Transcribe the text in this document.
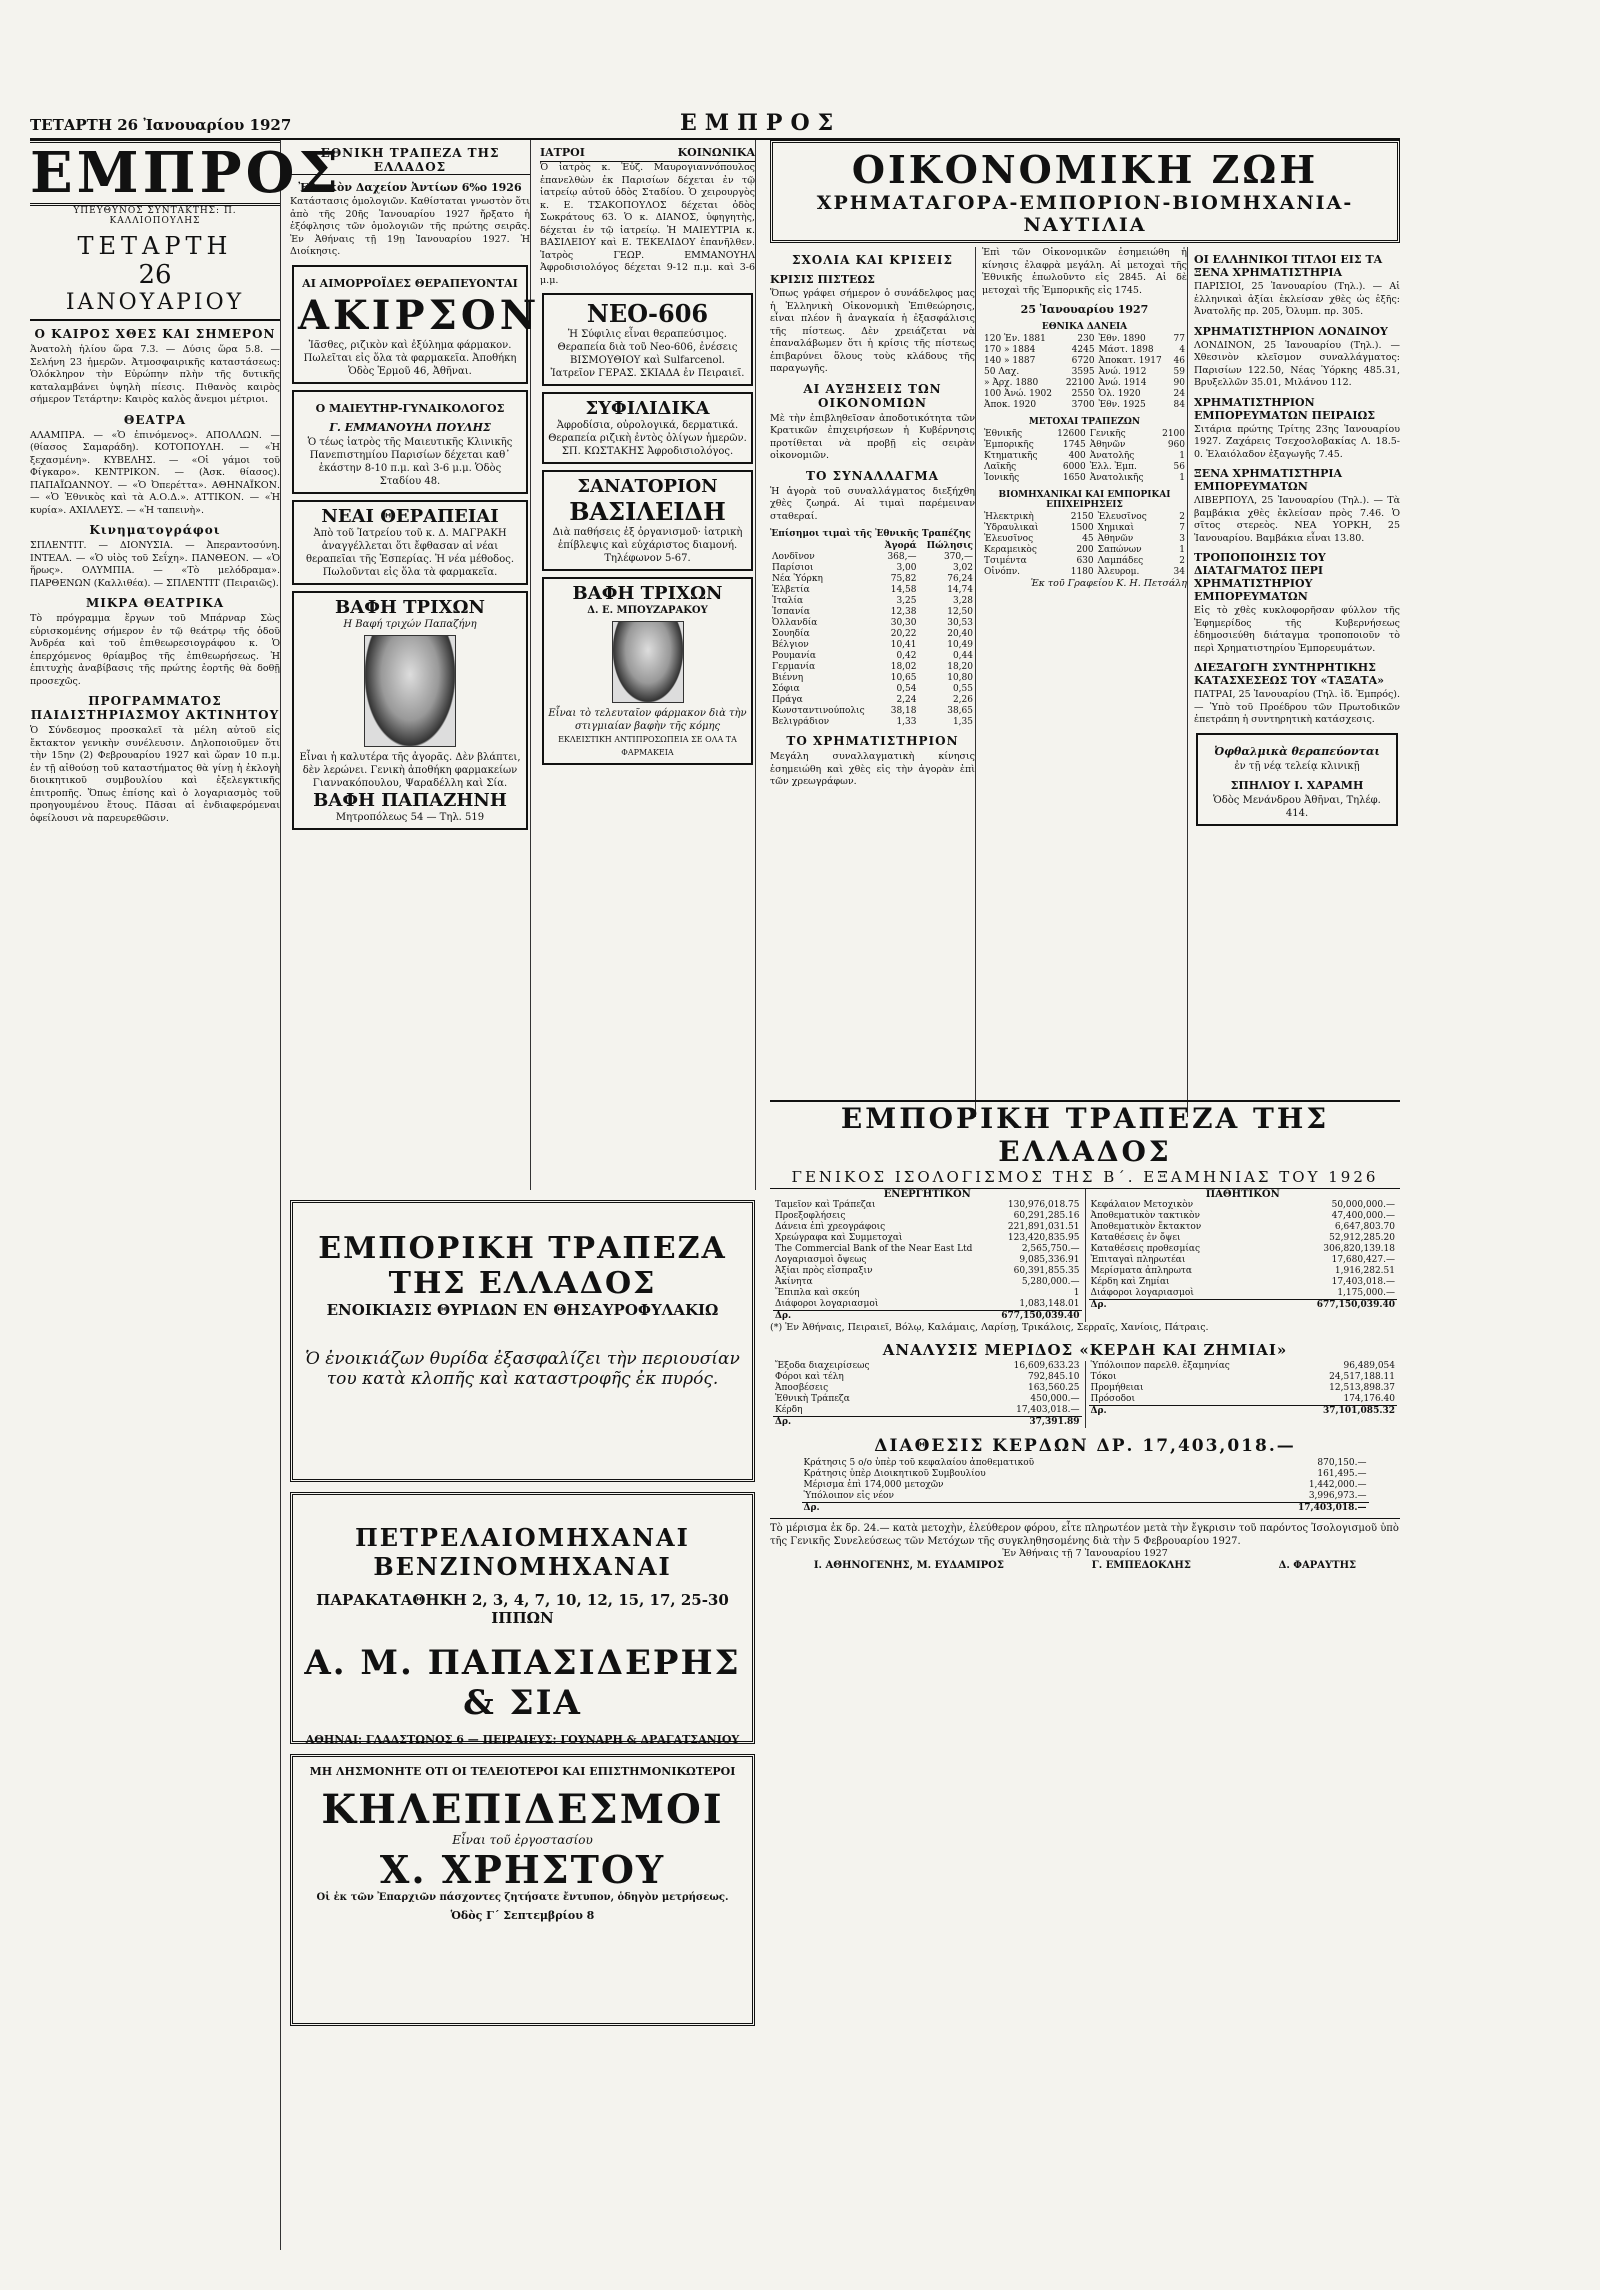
ΤΕΤΑΡΤΗ 26 Ἰανουαρίου 1927	ΕΜΠΡΟΣ
ΕΜΠΡΟΣ
ΥΠΕΥΘΥΝΟΣ ΣΥΝΤΑΚΤΗΣ: Π. ΚΑΛΛΙΟΠΟΥΛΗΣ
ΤΕΤΑΡΤΗ
26
ΙΑΝΟΥΑΡΙΟΥ
Ο ΚΑΙΡΟΣ ΧΘΕΣ ΚΑΙ ΣΗΜΕΡΟΝ
Ἀνατολὴ ἡλίου ὥρα 7.3. — Δύσις ὥρα 5.8. — Σελήνη 23 ἡμερῶν. Ἀτμοσφαιρικῆς καταστάσεως: Ὁλόκληρον τὴν Εὐρώπην πλὴν τῆς δυτικῆς καταλαμβάνει ὑψηλὴ πίεσις. Πιθανὸς καιρὸς σήμερον Τετάρτην: Καιρὸς καλὸς ἄνεμοι μέτριοι.
ΘΕΑΤΡΑ
ΑΛΑΜΠΡΑ. — «Ὁ ἐπινόμενος». ΑΠΟΛΛΩΝ. — (θίασος Σαμαράδη). ΚΟΤΟΠΟΥΛΗ. — «Ἡ ξεχασμένη». ΚΥΒΕΛΗΣ. — «Οἱ γάμοι τοῦ Φίγκαρο». ΚΕΝΤΡΙΚΟΝ. — (Ἀσκ. θίασος). ΠΑΠΑΪΩΑΝΝΟΥ. — «Ὁ Ὀπερέττα». ΑΘΗΝΑΪΚΟΝ. — «Ὁ Ἐθνικὸς καὶ τὰ Α.Ο.Δ.». ΑΤΤΙΚΟΝ. — «Ἡ κυρία». ΑΧΙΛΛΕΥΣ. — «Ἡ ταπεινὴ».
Κινηματογράφοι
ΣΠΛΕΝΤΙΤ. — ΔΙΟΝΥΣΙΑ. — Ἀπεραντοσύνη. ΙΝΤΕΑΛ. — «Ὁ υἱὸς τοῦ Σεΐχη». ΠΑΝΘΕΟΝ. — «Ὁ ἥρως». ΟΛΥΜΠΙΑ. — «Τὸ μελόδραμα». ΠΑΡΘΕΝΩΝ (Καλλιθέα). — ΣΠΛΕΝΤΙΤ (Πειραιῶς).
ΜΙΚΡΑ ΘΕΑΤΡΙΚΑ
Τὸ πρόγραμμα ἔργων τοῦ Μπάρναρ Σὼς εὐρισκομένης σήμερον ἐν τῷ θεάτρῳ τῆς ὁδοῦ Ἀνδρέα καὶ τοῦ ἐπιθεωρεσιογράφου κ. Ὁ ἐπερχόμενος θρίαμβος τῆς ἐπιθεωρήσεως. Ἡ ἐπιτυχὴς ἀναβίβασις τῆς πρώτης ἑορτῆς θὰ δοθῇ προσεχῶς.
ΠΡΟΓΡΑΜΜΑΤΟΣ ΠΑΙΔΙΣΤΗΡΙΑΣΜΟΥ ΑΚΤΙΝΗΤΟΥ
Ὁ Σύνδεσμος προσκαλεῖ τὰ μέλη αὐτοῦ εἰς ἔκτακτον γενικὴν συνέλευσιν. Δηλοποιοῦμεν ὅτι τὴν 15ην (2) Φεβρουαρίου 1927 καὶ ὥραν 10 π.μ. ἐν τῇ αἰθούσῃ τοῦ καταστήματος θὰ γίνῃ ἡ ἐκλογὴ διοικητικοῦ συμβουλίου καὶ ἐξελεγκτικῆς ἐπιτροπῆς. Ὅπως ἐπίσης καὶ ὁ λογαριασμὸς τοῦ προηγουμένου ἔτους. Πᾶσαι αἱ ἐνδιαφερόμεναι ὀφείλουσι νὰ παρευρεθῶσιν.
ΕΘΝΙΚΗ ΤΡΑΠΕΖΑ ΤΗΣ ΕΛΛΑΔΟΣ
Ἐθνικὸν Δαχείον Ἀντίων 6%ο 1926
Κατάστασις ὁμολογιῶν. Καθίσταται γνωστὸν ὅτι ἀπὸ τῆς 20ῆς Ἰανουαρίου 1927 ἤρξατο ἡ ἐξόφλησις τῶν ὁμολογιῶν τῆς πρώτης σειρᾶς. Ἐν Ἀθήναις τῇ 19ῃ Ἰανουαρίου 1927. Ἡ Διοίκησις.
ΑΙ ΑΙΜΟΡΡΟΪΔΕΣ ΘΕΡΑΠΕΥΟΝΤΑΙ
ΑΚΙΡΣΟΝ
Ἰᾶσθες, ριζικὸν καὶ ἐξύλημα φάρμακον. Πωλεῖται εἰς ὅλα τὰ φαρμακεῖα. Ἀποθήκη Ὁδὸς Ἑρμοῦ 46, Ἀθῆναι.
Ο ΜΑΙΕΥΤΗΡ-ΓΥΝΑΙΚΟΛΟΓΟΣ
Γ. ΕΜΜΑΝΟΥΗΛ ΠΟΥΛΗΣ
Ὁ τέως ἰατρὸς τῆς Μαιευτικῆς Κλινικῆς Πανεπιστημίου Παρισίων δέχεται καθ᾽ ἑκάστην 8-10 π.μ. καὶ 3-6 μ.μ. Ὁδὸς Σταδίου 48.
ΝΕΑΙ ΘΕΡΑΠΕΙΑΙ
Ἀπὸ τοῦ Ἰατρείου τοῦ κ. Δ. ΜΑΓΡΑΚΗ ἀναγγέλλεται ὅτι ἔφθασαν αἱ νέαι θεραπεῖαι τῆς Ἑσπερίας. Ἡ νέα μέθοδος. Πωλοῦνται εἰς ὅλα τὰ φαρμακεῖα.
ΒΑΦΗ ΤΡΙΧΩΝ
Η Βαφή τριχών Παπαζήνη
Εἶναι ἡ καλυτέρα τῆς ἀγορᾶς. Δὲν βλάπτει, δὲν λερώνει. Γενικὴ ἀποθήκη φαρμακείων Γιαννακόπουλου, Ψαραδέλλη καὶ Σία.
ΒΑΦΗ ΠΑΠΑΖΗΝΗ
Μητροπόλεως 54 — Τηλ. 519
ΙΑΤΡΟΙ	ΚΟΙΝΩΝΙΚΑ
Ὁ ἰατρὸς κ. Ἐὐζ. Μαυρογιαννόπουλος ἐπανελθὼν ἐκ Παρισίων δέχεται ἐν τῷ ἰατρείῳ αὐτοῦ ὁδὸς Σταδίου. Ὁ χειρουργὸς κ. Ε. ΤΣΑΚΟΠΟΥΛΟΣ δέχεται ὁδὸς Σωκράτους 63. Ὁ κ. ΔΙΑΝΟΣ, ὑφηγητὴς, δέχεται ἐν τῷ ἰατρείῳ. Ἡ ΜΑΙΕΥΤΡΙΑ κ. ΒΑΣΙΛΕΙΟΥ καὶ Ε. ΤΕΚΕΛΙΔΟΥ ἐπανῆλθεν. Ἰατρὸς ΓΕΩΡ. ΕΜΜΑΝΟΥΗΛ Ἀφροδισιολόγος δέχεται 9-12 π.μ. καὶ 3-6 μ.μ.
ΝΕΟ-606
Ἡ Σύφιλις εἶναι θεραπεύσιμος. Θεραπεία διὰ τοῦ Neo-606, ἐνέσεις ΒΙΣΜΟΥΘΙΟΥ καὶ Sulfarcenol. Ἰατρεῖον ΓΕΡΑΣ. ΣΚΙΑΔΑ ἐν Πειραιεῖ.
ΣΥΦΙΛΙΔΙΚΑ
Ἀφροδίσια, οὐρολογικά, δερματικά. Θεραπεία ριζικὴ ἐντὸς ὀλίγων ἡμερῶν. ΣΠ. ΚΩΣΤΑΚΗΣ Ἀφροδισιολόγος.
ΣΑΝΑΤΟΡΙΟΝ
ΒΑΣΙΛΕΙΔΗ
Διὰ παθήσεις ἐξ ὀργανισμοῦ· ἰατρικὴ ἐπίβλεψις καὶ εὐχάριστος διαμονή. Τηλέφωνον 5-67.
ΒΑΦΗ ΤΡΙΧΩΝ
Δ. Ε. ΜΠΟΥΖΑΡΑΚΟΥ
Εἶναι τὸ τελευταῖον φάρμακον διὰ τὴν στιγμιαίαν βαφὴν τῆς κόμης
ΕΚΛΕΙΣΤΙΚΗ ΑΝΤΙΠΡΟΣΩΠΕΙΑ ΣΕ ΟΛΑ ΤΑ ΦΑΡΜΑΚΕΙΑ
ΕΜΠΟΡΙΚΗ ΤΡΑΠΕΖΑ ΤΗΣ ΕΛΛΑΔΟΣ
ΕΝΟΙΚΙΑΣΙΣ ΘΥΡΙΔΩΝ ΕΝ ΘΗΣΑΥΡΟΦΥΛΑΚΙΩ
Ὁ ἐνοικιάζων θυρίδα ἐξασφαλίζει τὴν περιουσίαν του κατὰ κλοπῆς καὶ καταστροφῆς ἐκ πυρός.
ΠΕΤΡΕΛΑΙΟΜΗΧΑΝΑΙ ΒΕΝΖΙΝΟΜΗΧΑΝΑΙ
ΠΑΡΑΚΑΤΑΘΗΚΗ 2, 3, 4, 7, 10, 12, 15, 17, 25-30 ΙΠΠΩΝ
Α. Μ. ΠΑΠΑΣΙΔΕΡΗΣ & ΣΙΑ
ΑΘΗΝΑΙ: ΓΛΑΔΣΤΩΝΟΣ 6 — ΠΕΙΡΑΙΕΥΣ: ΓΟΥΝΑΡΗ & ΔΡΑΓΑΤΣΑΝΙΟΥ
ΜΗ ΛΗΣΜΟΝΗΤΕ ΟΤΙ ΟΙ ΤΕΛΕΙΟΤΕΡΟΙ ΚΑΙ ΕΠΙΣΤΗΜΟΝΙΚΩΤΕΡΟΙ
ΚΗΛΕΠΙΔΕΣΜΟΙ
Εἶναι τοῦ ἐργοστασίου
Χ. ΧΡΗΣΤΟΥ
Οἱ ἐκ τῶν Ἐπαρχιῶν πάσχοντες ζητήσατε ἔντυπον, ὁδηγὸν μετρήσεως.
Ὁδὸς Γ΄ Σεπτεμβρίου 8
ΟΙΚΟΝΟΜΙΚΗ ΖΩΗ
ΧΡΗΜΑΤΑΓΟΡΑ-ΕΜΠΟΡΙΟΝ-ΒΙΟΜΗΧΑΝΙΑ-ΝΑΥΤΙΛΙΑ
ΣΧΟΛΙΑ ΚΑΙ ΚΡΙΣΕΙΣ
ΚΡΙΣΙΣ ΠΙΣΤΕΩΣ
Ὅπως γράφει σήμερον ὁ συνάδελφος μας ἡ Ἑλληνικὴ Οἰκονομικὴ Ἐπιθεώρησις, εἶναι πλέον ἢ ἀναγκαία ἡ ἐξασφάλισις τῆς πίστεως. Δὲν χρειάζεται νὰ ἐπαναλάβωμεν ὅτι ἡ κρίσις τῆς πίστεως ἐπιβαρύνει ὅλους τοὺς κλάδους τῆς παραγωγῆς.
ΑΙ ΑΥΞΗΣΕΙΣ ΤΩΝ ΟΙΚΟΝΟΜΙΩΝ
Μὲ τὴν ἐπιβληθεῖσαν ἀποδοτικότητα τῶν Κρατικῶν ἐπιχειρήσεων ἡ Κυβέρνησις προτίθεται νὰ προβῇ εἰς σειρὰν οἰκονομιῶν.
ΤΟ ΣΥΝΑΛΛΑΓΜΑ
Ἡ ἀγορὰ τοῦ συναλλάγματος διεξήχθη χθὲς ζωηρά. Αἱ τιμαὶ παρέμειναν σταθεραί.
Ἐπίσημοι τιμαὶ τῆς Ἐθνικῆς Τραπέζης
	Ἀγορά	Πώλησις
Λονδῖνον	368,—	370,—
Παρίσιοι	3,00	3,02
Νέα Ὑόρκη	75,82	76,24
Ἑλβετία	14,58	14,74
Ἰταλία	3,25	3,28
Ἰσπανία	12,38	12,50
Ὀλλανδία	30,30	30,53
Σουηδία	20,22	20,40
Βέλγιον	10,41	10,49
Ρουμανία	0,42	0,44
Γερμανία	18,02	18,20
Βιέννη	10,65	10,80
Σόφια	0,54	0,55
Πράγα	2,24	2,26
Κωνσταντινούπολις	38,18	38,65
Βελιγράδιον	1,33	1,35
ΤΟ ΧΡΗΜΑΤΙΣΤΗΡΙΟΝ
Μεγάλη συναλλαγματικὴ κίνησις ἐσημειώθη καὶ χθὲς εἰς τὴν ἀγορὰν ἐπὶ τῶν χρεωγράφων.
Ἐπὶ τῶν Οἰκονομικῶν ἐσημειώθη ἡ κίνησις ἐλαφρὰ μεγάλη. Αἱ μετοχαὶ τῆς Ἐθνικῆς ἐπωλοῦντο εἰς 2845. Αἱ δὲ μετοχαὶ τῆς Ἐμπορικῆς εἰς 1745.
25 Ἰανουαρίου 1927
ΕΘΝΙΚΑ ΔΑΝΕΙΑ
120 Ἐν. 1881	230	Ἐθν. 1890	77
170 » 1884	4245	Μάστ. 1898	4
140 » 1887	6720	Ἀποκατ. 1917	46
50 Λαχ.	3595	Ἀνώ. 1912	59
» Ἀρχ. 1880	22100	Ἀνώ. 1914	90
100 Ἀνώ. 1902	2550	Ὁλ. 1920	24
Ἀποκ. 1920	3700	Ἐθν. 1925	84
ΜΕΤΟΧΑΙ ΤΡΑΠΕΖΩΝ
Ἐθνικῆς	12600	Γενικῆς	2100
Ἐμπορικῆς	1745	Ἀθηνῶν	960
Κτηματικῆς	400	Ἀνατολῆς	1
Λαϊκῆς	6000	Ἐλλ. Ἐμπ.	56
Ἰονικῆς	1650	Ἀνατολικῆς	1
ΒΙΟΜΗΧΑΝΙΚΑΙ ΚΑΙ ΕΜΠΟΡΙΚΑΙ ΕΠΙΧΕΙΡΗΣΕΙΣ
Ἠλεκτρικὴ	2150	Ἐλευσῖνος	2
Ὑδραυλικαὶ	1500	Χημικαὶ	7
Ἐλευσῖνος	45	Ἀθηνῶν	3
Κεραμεικὸς	200	Σαπώνων	1
Τσιμέντα	630	Λαμπάδες	2
Οἰνόπν.	1180	Ἀλευρομ.	34
Ἐκ τοῦ Γραφείου Κ. Η. Πετσάλη
ΟΙ ΕΛΛΗΝΙΚΟΙ ΤΙΤΛΟΙ ΕΙΣ ΤΑ ΞΕΝΑ ΧΡΗΜΑΤΙΣΤΗΡΙΑ
ΠΑΡΙΣΙΟΙ, 25 Ἰανουαρίου (Τηλ.). — Αἱ ἑλληνικαὶ ἀξίαι ἐκλείσαν χθὲς ὡς ἑξῆς: Ἀνατολῆς πρ. 205, Ὀλυμπ. πρ. 305.
ΧΡΗΜΑΤΙΣΤΗΡΙΟΝ ΛΟΝΔΙΝΟΥ
ΛΟΝΔΙΝΟΝ, 25 Ἰανουαρίου (Τηλ.). — Χθεσινὸν κλεῖσμον συναλλάγματος: Παρισίων 122.50, Νέας Ὑόρκης 485.31, Βρυξελλῶν 35.01, Μιλάνου 112.
ΧΡΗΜΑΤΙΣΤΗΡΙΟΝ ΕΜΠΟΡΕΥΜΑΤΩΝ ΠΕΙΡΑΙΩΣ
Σιτάρια πρώτης Τρίτης 23ης Ἰανουαρίου 1927. Ζαχάρεις Τσεχοσλοβακίας Λ. 18.5-0. Ἐλαιόλαδον ἐξαγωγῆς 7.45.
ΞΕΝΑ ΧΡΗΜΑΤΙΣΤΗΡΙΑ ΕΜΠΟΡΕΥΜΑΤΩΝ
ΛΙΒΕΡΠΟΥΛ, 25 Ἰανουαρίου (Τηλ.). — Τὰ βαμβάκια χθὲς ἐκλείσαν πρὸς 7.46. Ὁ σῖτος στερεὸς. ΝΕΑ ΥΟΡΚΗ, 25 Ἰανουαρίου. Βαμβάκια εἶναι 13.80.
ΤΡΟΠΟΠΟΙΗΣΙΣ ΤΟΥ ΔΙΑΤΑΓΜΑΤΟΣ ΠΕΡΙ ΧΡΗΜΑΤΙΣΤΗΡΙΟΥ ΕΜΠΟΡΕΥΜΑΤΩΝ
Εἰς τὸ χθὲς κυκλοφορῆσαν φύλλον τῆς Ἐφημερίδος τῆς Κυβερνήσεως ἐδημοσιεύθη διάταγμα τροποποιοῦν τὸ περὶ Χρηματιστηρίου Ἐμπορευμάτων.
ΔΙΕΞΑΓΩΓΗ ΣΥΝΤΗΡΗΤΙΚΗΣ ΚΑΤΑΣΧΕΣΕΩΣ ΤΟΥ «ΤΑΞΑΤΑ»
ΠΑΤΡΑΙ, 25 Ἰανουαρίου (Τηλ. ἰδ. Ἐμπρός). — Ὑπὸ τοῦ Προέδρου τῶν Πρωτοδικῶν ἐπετράπη ἡ συντηρητικὴ κατάσχεσις.
Ὀφθαλμικὰ θεραπεύονται
ἐν τῇ νέᾳ τελείᾳ κλινικῇ
ΣΠΗΛΙΟΥ Ι. ΧΑΡΑΜΗ
Ὁδὸς Μενάνδρου Ἀθῆναι, Τηλέφ. 414.
ΕΜΠΟΡΙΚΗ ΤΡΑΠΕΖΑ ΤΗΣ ΕΛΛΑΔΟΣ
ΓΕΝΙΚΟΣ ΙΣΟΛΟΓΙΣΜΟΣ ΤΗΣ Β΄. ΕΞΑΜΗΝΙΑΣ ΤΟΥ 1926
ΕΝΕΡΓΗΤΙΚΟΝ
Ταμεῖον καὶ Τράπεζαι	130,976,018.75
Προεξοφλήσεις	60,291,285.16
Δάνεια ἐπὶ χρεογράφοις	221,891,031.51
Χρεώγραφα καὶ Συμμετοχαὶ	123,420,835.95
The Commercial Bank of the Near East Ltd	2,565,750.—
Λογαριασμοὶ ὄψεως	9,085,336.91
Ἀξίαι πρὸς εἴσπραξιν	60,391,855.35
Ἀκίνητα	5,280,000.—
Ἔπιπλα καὶ σκεύη	1
Διάφοροι λογαριασμοὶ	1,083,148.01
Δρ.	677,150,039.40
ΠΑΘΗΤΙΚΟΝ
Κεφάλαιον Μετοχικὸν	50,000,000.—
Ἀποθεματικὸν τακτικὸν	47,400,000.—
Ἀποθεματικὸν ἔκτακτον	6,647,803.70
Καταθέσεις ἐν ὄψει	52,912,285.20
Καταθέσεις προθεσμίας	306,820,139.18
Ἐπιταγαὶ πληρωτέαι	17,680,427.—
Μερίσματα ἀπληρωτα	1,916,282.51
Κέρδη καὶ Ζημίαι	17,403,018.—
Διάφοροι λογαριασμοὶ	1,175,000.—
Δρ.	677,150,039.40
(*) Ἐν Ἀθήναις, Πειραιεῖ, Βόλῳ, Καλάμαις, Λαρίσῃ, Τρικάλοις, Σερραῖς, Χανίοις, Πάτραις.
ΑΝΑΛΥΣΙΣ ΜΕΡΙΔΟΣ «ΚΕΡΔΗ ΚΑΙ ΖΗΜΙΑΙ»
Ἔξοδα διαχειρίσεως	16,609,633.23
Φόροι καὶ τέλη	792,845.10
Ἀποσβέσεις	163,560.25
Ἐθνικὴ Τράπεζα	450,000.—
Κέρδη	17,403,018.—
Δρ.	37,391.89
Ὑπόλοιπον παρελθ. ἐξαμηνίας	96,489,054
Τόκοι	24,517,188.11
Προμήθειαι	12,513,898.37
Πρόσοδοι	174,176.40
Δρ.	37,101,085.32
ΔΙΑΘΕΣΙΣ ΚΕΡΔΩΝ ΔΡ. 17,403,018.—
Κράτησις 5 ο/ο ὑπὲρ τοῦ κεφαλαίου ἀποθεματικοῦ	870,150.—
Κράτησις ὑπὲρ Διοικητικοῦ Συμβουλίου	161,495.—
Μέρισμα ἐπὶ 174,000 μετοχῶν	1,442,000.—
Ὑπόλοιπον εἰς νέον	3,996,973.—
Δρ.	17,403,018.—
Τὸ μέρισμα ἐκ δρ. 24.— κατὰ μετοχὴν, ἐλεύθερον φόρου, εἶτε πληρωτέον μετὰ τὴν ἔγκρισιν τοῦ παρόντος Ἰσολογισμοῦ ὑπὸ τῆς Γενικῆς Συνελεύσεως τῶν Μετόχων τῆς συγκληθησομένης διὰ τὴν 5 Φεβρουαρίου 1927.
Ἐν Ἀθήναις τῇ 7 Ἰανουαρίου 1927
Ι. ΑΘΗΝΟΓΕΝΗΣ, Μ. ΕΥΔΑΜΙΡΟΣ	Γ. ΕΜΠΕΔΟΚΛΗΣ	Δ. ΦΑΡΑΥΤΗΣ
